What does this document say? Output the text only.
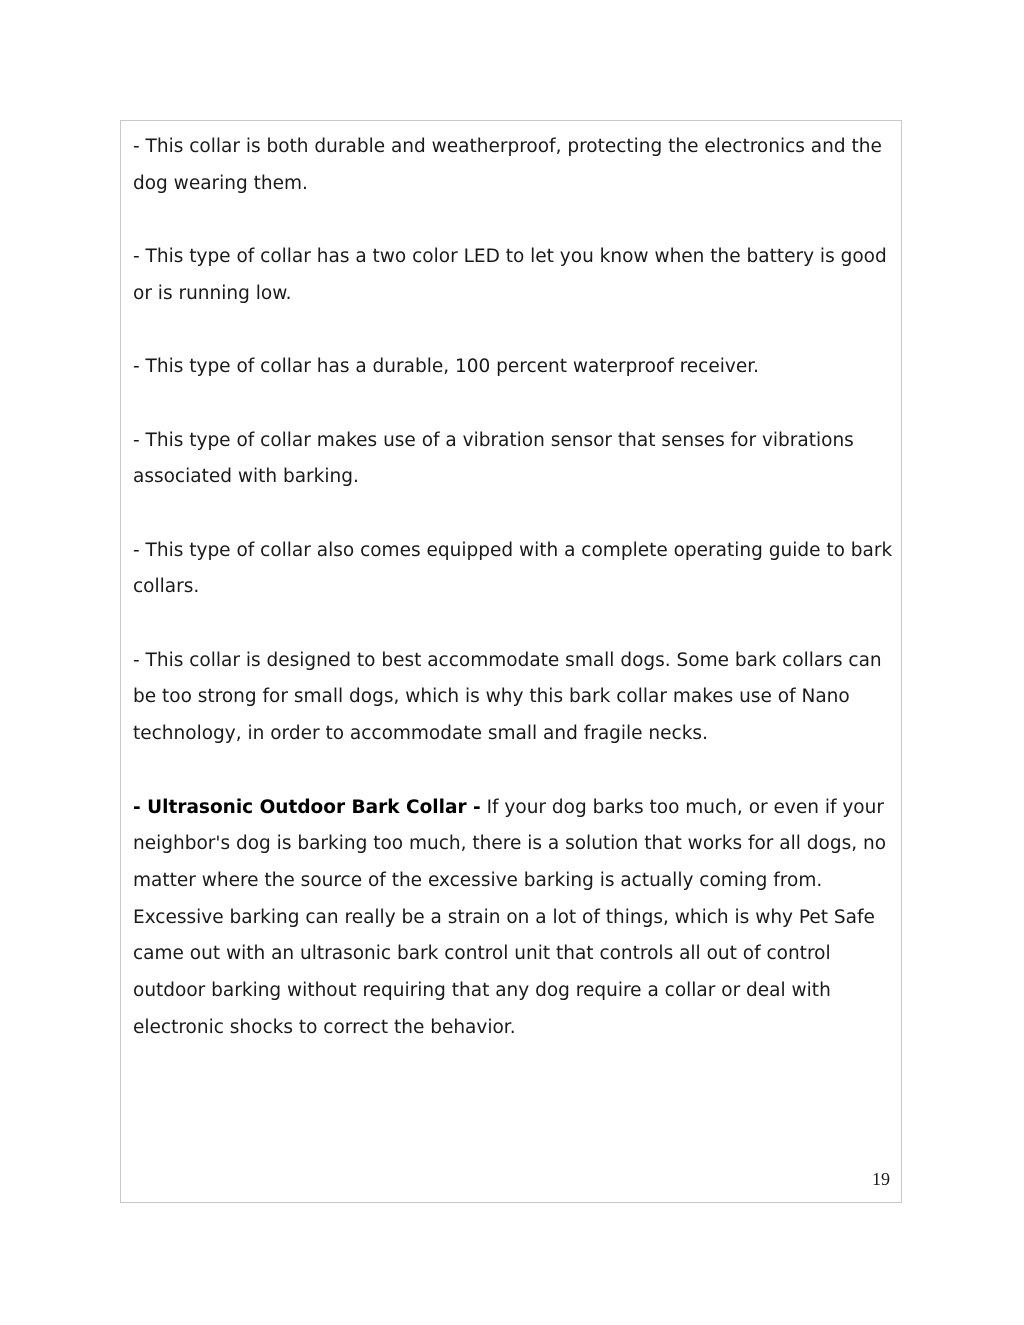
- This collar is both durable and weatherproof, protecting the electronics and the dog wearing them.

- This type of collar has a two color LED to let you know when the battery is good or is running low.

- This type of collar has a durable, 100 percent waterproof receiver.

- This type of collar makes use of a vibration sensor that senses for vibrations associated with barking.

- This type of collar also comes equipped with a complete operating guide to bark collars.

- This collar is designed to best accommodate small dogs. Some bark collars can be too strong for small dogs, which is why this bark collar makes use of Nano technology, in order to accommodate small and fragile necks.

- Ultrasonic Outdoor Bark Collar - If your dog barks too much, or even if your neighbor's dog is barking too much, there is a solution that works for all dogs, no matter where the source of the excessive barking is actually coming from. Excessive barking can really be a strain on a lot of things, which is why Pet Safe came out with an ultrasonic bark control unit that controls all out of control outdoor barking without requiring that any dog require a collar or deal with electronic shocks to correct the behavior.

19
